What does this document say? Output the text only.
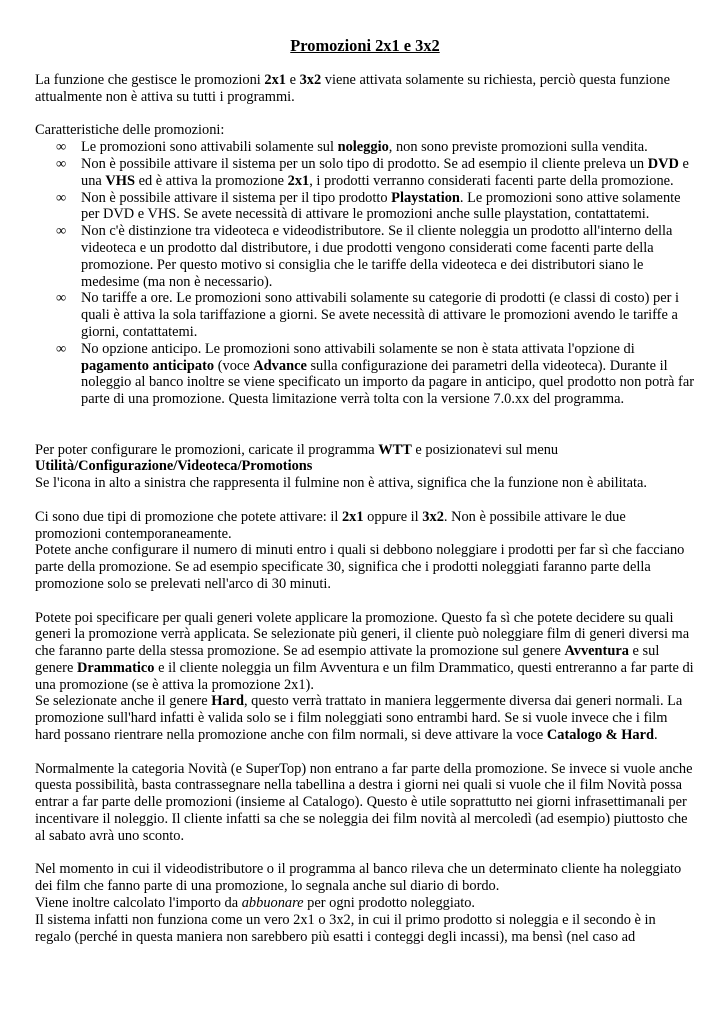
Promozioni 2x1 e 3x2

La funzione che gestisce le promozioni 2x1 e 3x2 viene attivata solamente su richiesta, perciò questa funzione attualmente non è attiva su tutti i programmi.

Caratteristiche delle promozioni:

∞ Le promozioni sono attivabili solamente sul noleggio, non sono previste promozioni sulla vendita.
∞ Non è possibile attivare il sistema per un solo tipo di prodotto. Se ad esempio il cliente preleva un DVD e una VHS ed è attiva la promozione 2x1, i prodotti verranno considerati facenti parte della promozione.
∞ Non è possibile attivare il sistema per il tipo prodotto Playstation. Le promozioni sono attive solamente per DVD e VHS. Se avete necessità di attivare le promozioni anche sulle playstation, contattatemi.
∞ Non c'è distinzione tra videoteca e videodistributore. Se il cliente noleggia un prodotto all'interno della videoteca e un prodotto dal distributore, i due prodotti vengono considerati come facenti parte della promozione. Per questo motivo si consiglia che le tariffe della videoteca e dei distributori siano le medesime (ma non è necessario).
∞ No tariffe a ore. Le promozioni sono attivabili solamente su categorie di prodotti (e classi di costo) per i quali è attiva la sola tariffazione a giorni. Se avete necessità di attivare le promozioni avendo le tariffe a giorni, contattatemi.
∞ No opzione anticipo. Le promozioni sono attivabili solamente se non è stata attivata l'opzione di pagamento anticipato (voce Advance sulla configurazione dei parametri della videoteca). Durante il noleggio al banco inoltre se viene specificato un importo da pagare in anticipo, quel prodotto non potrà far parte di una promozione. Questa limitazione verrà tolta con la versione 7.0.xx del programma.

Per poter configurare le promozioni, caricate il programma WTT e posizionatevi sul menu
Utilità/Configurazione/Videoteca/Promotions
Se l'icona in alto a sinistra che rappresenta il fulmine non è attiva, significa che la funzione non è abilitata.

Ci sono due tipi di promozione che potete attivare: il 2x1 oppure il 3x2. Non è possibile attivare le due promozioni contemporaneamente.
Potete anche configurare il numero di minuti entro i quali si debbono noleggiare i prodotti per far sì che facciano parte della promozione. Se ad esempio specificate 30, significa che i prodotti noleggiati faranno parte della promozione solo se prelevati nell'arco di 30 minuti.

Potete poi specificare per quali generi volete applicare la promozione. Questo fa sì che potete decidere su quali generi la promozione verrà applicata. Se selezionate più generi, il cliente può noleggiare film di generi diversi ma che faranno parte della stessa promozione. Se ad esempio attivate la promozione sul genere Avventura e sul genere Drammatico e il cliente noleggia un film Avventura e un film Drammatico, questi entreranno a far parte di una promozione (se è attiva la promozione 2x1).
Se selezionate anche il genere Hard, questo verrà trattato in maniera leggermente diversa dai generi normali. La promozione sull'hard infatti è valida solo se i film noleggiati sono entrambi hard. Se si vuole invece che i film hard possano rientrare nella promozione anche con film normali, si deve attivare la voce Catalogo & Hard.

Normalmente la categoria Novità (e SuperTop) non entrano a far parte della promozione. Se invece si vuole anche questa possibilità, basta contrassegnare nella tabellina a destra i giorni nei quali si vuole che il film Novità possa entrar a far parte delle promozioni (insieme al Catalogo). Questo è utile soprattutto nei giorni infrasettimanali per incentivare il noleggio. Il cliente infatti sa che se noleggia dei film novità al mercoledì (ad esempio) piuttosto che al sabato avrà uno sconto.

Nel momento in cui il videodistributore o il programma al banco rileva che un determinato cliente ha noleggiato dei film che fanno parte di una promozione, lo segnala anche sul diario di bordo.
Viene inoltre calcolato l'importo da abbuonare per ogni prodotto noleggiato.
Il sistema infatti non funziona come un vero 2x1 o 3x2, in cui il primo prodotto si noleggia e il secondo è in regalo (perché in questa maniera non sarebbero più esatti i conteggi degli incassi), ma bensì (nel caso ad
